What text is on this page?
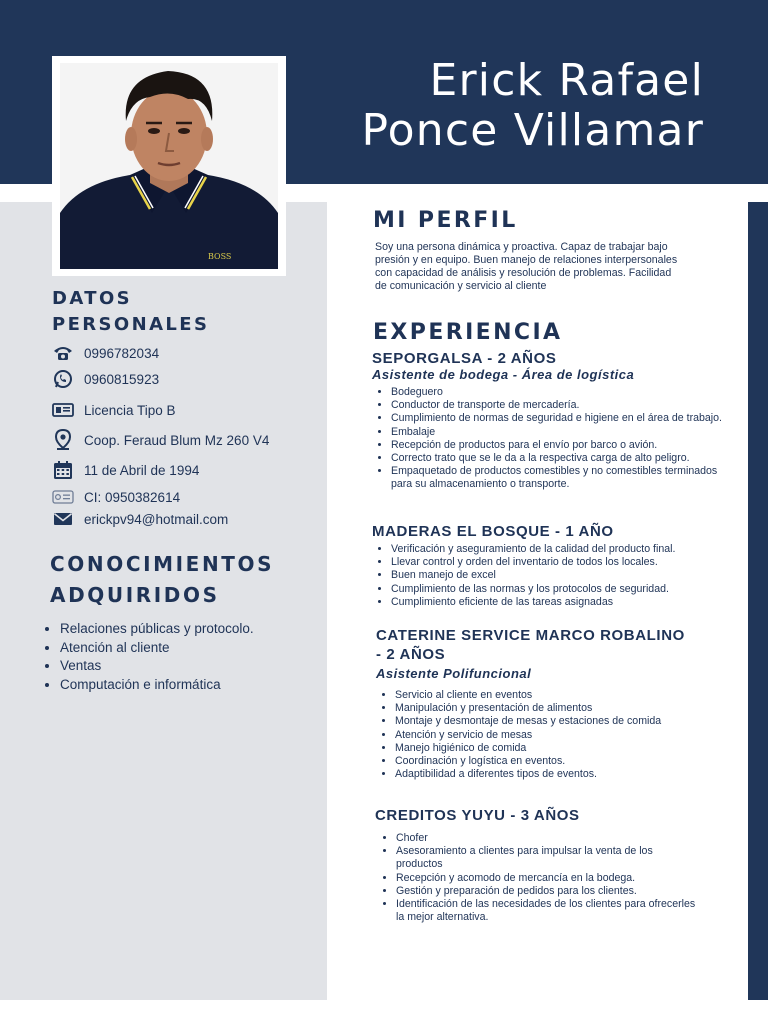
BOSS
Erick Rafael
Ponce Villamar
DATOS
PERSONALES
0996782034
0960815923
Licencia Tipo B
Coop. Feraud Blum Mz 260 V4
11 de Abril de 1994
CI: 0950382614
erickpv94@hotmail.com
CONOCIMIENTOS
ADQUIRIDOS
• Relaciones públicas y protocolo.
• Atención al cliente
• Ventas
• Computación e informática
MI PERFIL
Soy una persona dinámica y proactiva. Capaz de trabajar bajo presión y en equipo. Buen manejo de relaciones interpersonales con capacidad de análisis y resolución de problemas. Facilidad de comunicación y servicio al cliente
EXPERIENCIA
SEPORGALSA - 2 AÑOS
Asistente de bodega - Área de logística
• Bodeguero
• Conductor de transporte de mercadería.
• Cumplimiento de normas de seguridad e higiene en el área de trabajo.
• Embalaje
• Recepción de productos para el envío por barco o avión.
• Correcto trato que se le da a la respectiva carga de alto peligro.
• Empaquetado de productos comestibles y no comestibles terminados para su almacenamiento o transporte.
MADERAS EL BOSQUE - 1 AÑO
• Verificación y aseguramiento de la calidad del producto final.
• Llevar control y orden del inventario de todos los locales.
• Buen manejo de excel
• Cumplimiento de las normas y los protocolos de seguridad.
• Cumplimiento eficiente de las tareas asignadas
CATERINE SERVICE MARCO ROBALINO
- 2 AÑOS
Asistente Polifuncional
• Servicio al cliente en eventos
• Manipulación y presentación de alimentos
• Montaje y desmontaje de mesas y estaciones de comida
• Atención y servicio de mesas
• Manejo higiénico de comida
• Coordinación y logística en eventos.
• Adaptibilidad a diferentes tipos de eventos.
CREDITOS YUYU - 3 AÑOS
• Chofer
• Asesoramiento a clientes para impulsar la venta de los productos
• Recepción y acomodo de mercancía en la bodega.
• Gestión y preparación de pedidos para los clientes.
• Identificación de las necesidades de los clientes para ofrecerles la mejor alternativa.
